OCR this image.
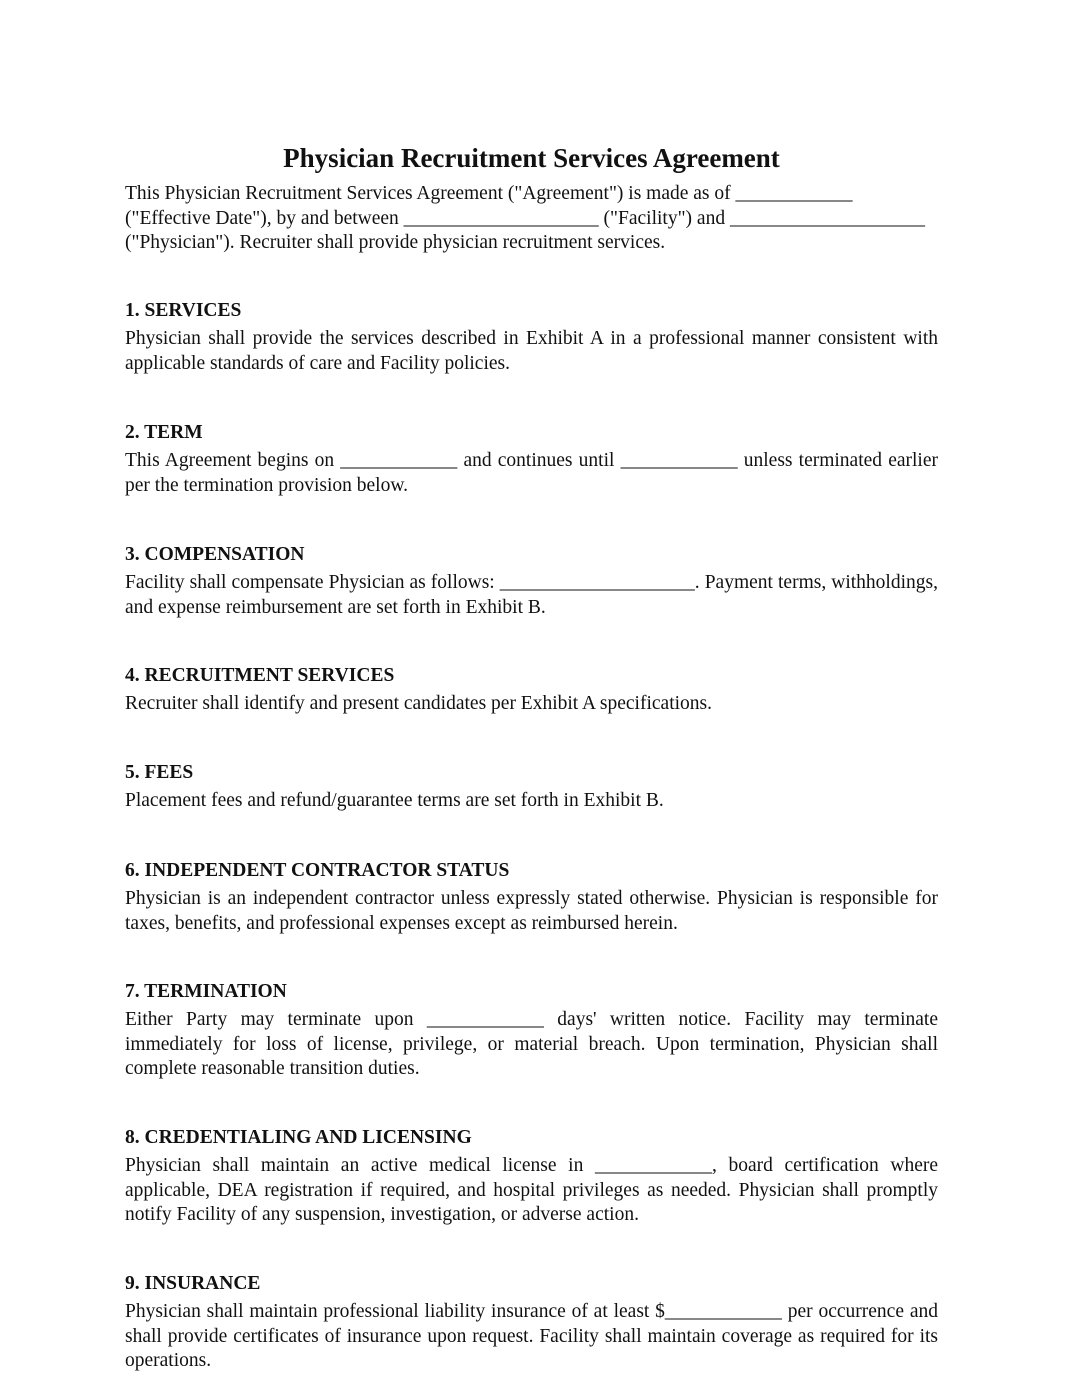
Physician Recruitment Services Agreement

This Physician Recruitment Services Agreement ("Agreement") is made as of ____________ ("Effective Date"), by and between ____________________ ("Facility") and ____________________ ("Physician"). Recruiter shall provide physician recruitment services.

1. SERVICES

Physician shall provide the services described in Exhibit A in a professional manner consistent with applicable standards of care and Facility policies.

2. TERM

This Agreement begins on ____________ and continues until ____________ unless terminated earlier per the termination provision below.

3. COMPENSATION

Facility shall compensate Physician as follows: ____________________. Payment terms, withholdings, and expense reimbursement are set forth in Exhibit B.

4. RECRUITMENT SERVICES

Recruiter shall identify and present candidates per Exhibit A specifications.

5. FEES

Placement fees and refund/guarantee terms are set forth in Exhibit B.

6. INDEPENDENT CONTRACTOR STATUS

Physician is an independent contractor unless expressly stated otherwise. Physician is responsible for taxes, benefits, and professional expenses except as reimbursed herein.

7. TERMINATION

Either Party may terminate upon ____________ days' written notice. Facility may terminate immediately for loss of license, privilege, or material breach. Upon termination, Physician shall complete reasonable transition duties.

8. CREDENTIALING AND LICENSING

Physician shall maintain an active medical license in ____________, board certification where applicable, DEA registration if required, and hospital privileges as needed. Physician shall promptly notify Facility of any suspension, investigation, or adverse action.

9. INSURANCE

Physician shall maintain professional liability insurance of at least $____________ per occurrence and shall provide certificates of insurance upon request. Facility shall maintain coverage as required for its operations.
